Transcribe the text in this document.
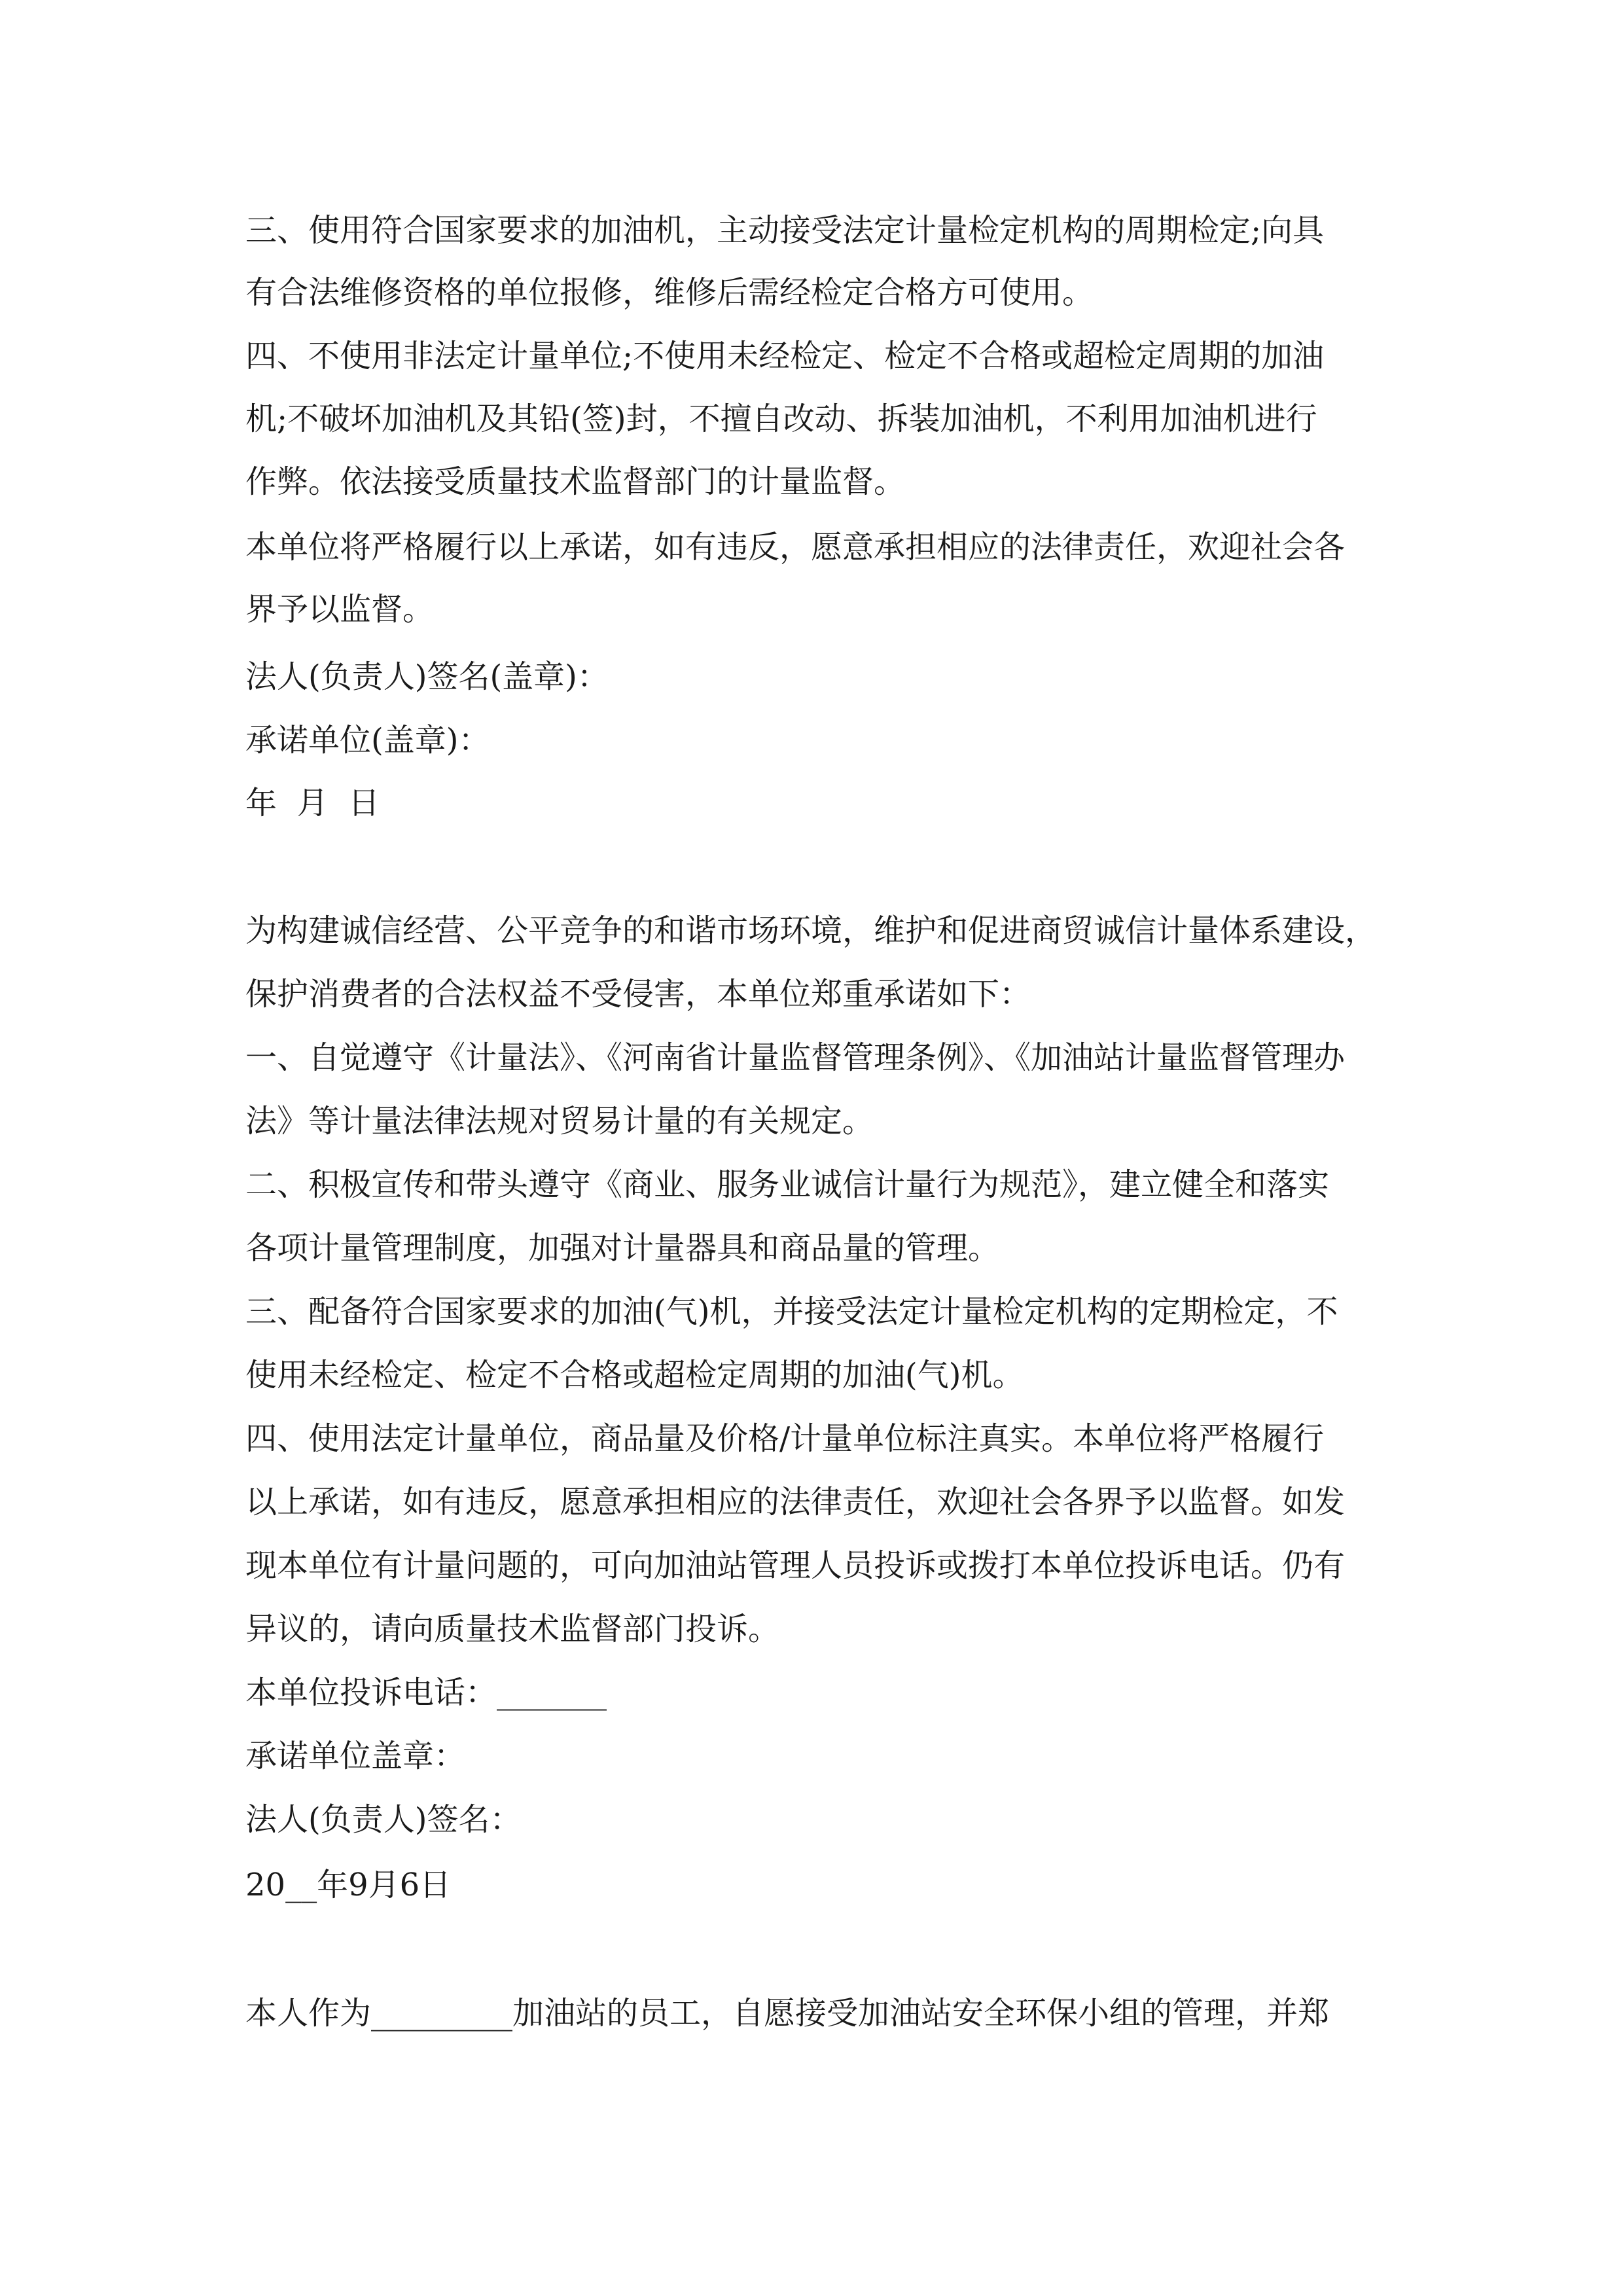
三、使用符合国家要求的加油机，主动接受法定计量检定机构的周期检定;向具
有合法维修资格的单位报修，维修后需经检定合格方可使用。
四、不使用非法定计量单位;不使用未经检定、检定不合格或超检定周期的加油
机;不破坏加油机及其铅(签)封，不擅自改动、拆装加油机，不利用加油机进行
作弊。依法接受质量技术监督部门的计量监督。
本单位将严格履行以上承诺，如有违反，愿意承担相应的法律责任，欢迎社会各
界予以监督。
法人(负责人)签名(盖章)：
承诺单位(盖章)：
年  月  日
为构建诚信经营、公平竞争的和谐市场环境，维护和促进商贸诚信计量体系建设，
保护消费者的合法权益不受侵害，本单位郑重承诺如下：
一、自觉遵守《计量法》、《河南省计量监督管理条例》、《加油站计量监督管理办
法》等计量法律法规对贸易计量的有关规定。
二、积极宣传和带头遵守《商业、服务业诚信计量行为规范》，建立健全和落实
各项计量管理制度，加强对计量器具和商品量的管理。
三、配备符合国家要求的加油(气)机，并接受法定计量检定机构的定期检定，不
使用未经检定、检定不合格或超检定周期的加油(气)机。
四、使用法定计量单位，商品量及价格/计量单位标注真实。本单位将严格履行
以上承诺，如有违反，愿意承担相应的法律责任，欢迎社会各界予以监督。如发
现本单位有计量问题的，可向加油站管理人员投诉或拨打本单位投诉电话。仍有
异议的，请向质量技术监督部门投诉。
本单位投诉电话：_______
承诺单位盖章：
法人(负责人)签名：
20__年9月6日
本人作为_________加油站的员工，自愿接受加油站安全环保小组的管理，并郑
